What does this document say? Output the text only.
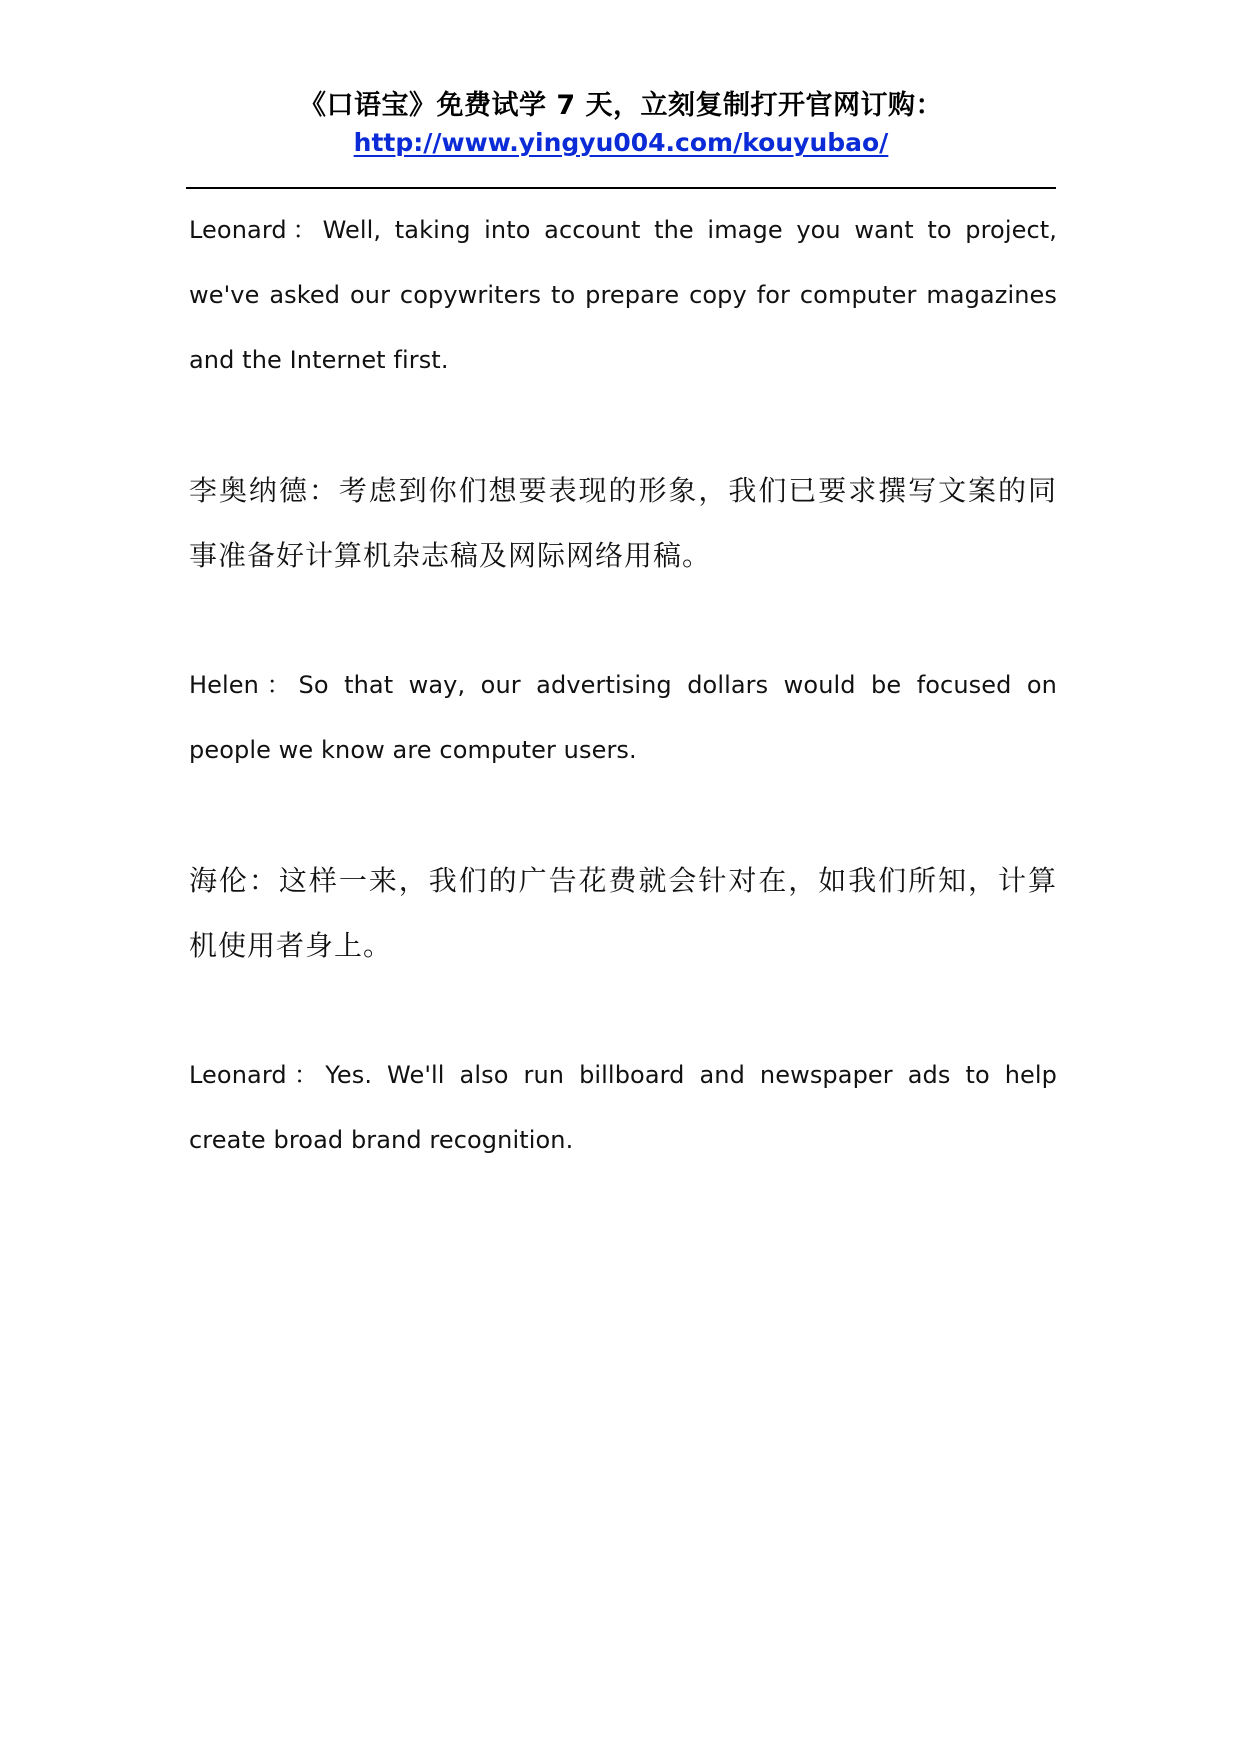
《口语宝》免费试学 7 天，立刻复制打开官网订购：
http://www.yingyu004.com/kouyubao/

Leonard：Well, taking into account the image you want to project, we've asked our copywriters to prepare copy for computer magazines and the Internet first.

李奥纳德：考虑到你们想要表现的形象，我们已要求撰写文案的同事准备好计算机杂志稿及网际网络用稿。

Helen：So that way, our advertising dollars would be focused on people we know are computer users.

海伦：这样一来，我们的广告花费就会针对在，如我们所知，计算机使用者身上。

Leonard：Yes. We'll also run billboard and newspaper ads to help create broad brand recognition.
